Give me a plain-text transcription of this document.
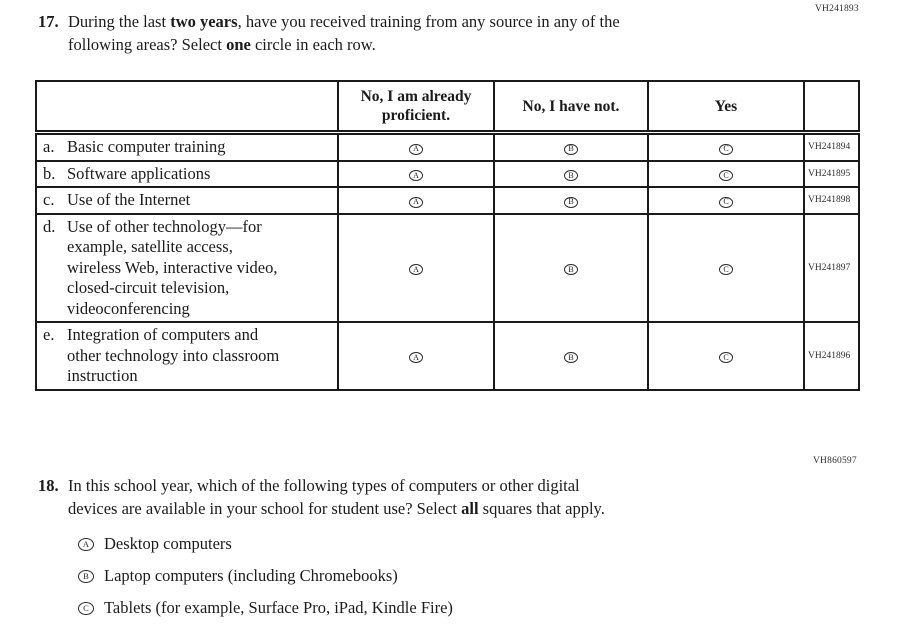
VH241893
17. During the last two years, have you received training from any source in any of the
following areas? Select one circle in each row.
	No, I am already proficient.	No, I have not.	Yes	

a. Basic computer training	A	B	C	VH241894

b. Software applications	A	B	C	VH241895

c. Use of the Internet	A	B	C	VH241898

d. Use of other technology—for
example, satellite access,
wireless Web, interactive video,
closed-circuit television,
videoconferencing
	A	B	C	VH241897

e. Integration of computers and
other technology into classroom
instruction	A	B	C	VH241896
VH860597
18. In this school year, which of the following types of computers or other digital
devices are available in your school for student use? Select all squares that apply.
A Desktop computers
B Laptop computers (including Chromebooks)
C Tablets (for example, Surface Pro, iPad, Kindle Fire)
